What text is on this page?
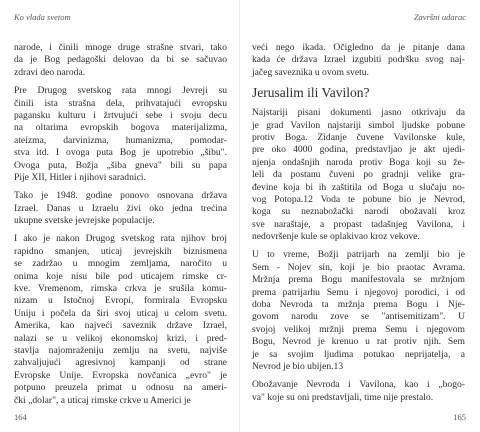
Ko vlada svetom
narode, i činili mnoge druge strašne stvari, tako
da je Bog pedagoški delovao da bi se sačuvao
zdravi deo naroda.
Pre Drugog svetskog rata mnogi Jevreji su
činili ista strašna dela, prihvatajući evropsku
pagansku kulturu i žrtvujući sebe i svoju decu
na oltarima evropskih bogova materijalizma,
ateizma, darvinizma, humanizma, pomodar-
stva itd. I ovoga puta Bog je upotrebio „šibu".
Ovoga puta, Božja „šiba gneva" bili su papa
Pije XII, Hitler i njihovi saradnici.
Tako je 1948. godine ponovo osnovana država
Izrael. Danas u Izraelu živi oko jedna trećina
ukupne svetske jevrejske populacije.
I ako je nakon Drugog svetskog rata njihov broj
rapidno smanjen, uticaj jevrejskih biznismena
se zadržao u mnogim zemljama, naročito u
onima koje nisu bile pod uticajem rimske cr-
kve. Vremenom, rimska crkva je srušila komu-
nizam u Istočnoj Evropi, formirala Evropsku
Uniju i počela da širi svoj uticaj u celom svetu.
Amerika, kao najveći saveznik države Izrael,
nalazi se u velikoj ekonomskoj krizi, i pred-
stavlja najomraženiju zemlju na svetu, najviše
zahvaljujući agresivnoj kampanji od strane
Evropske Unije. Evropska novčanica „evro" je
potpuno preuzela primat u odnosu na ameri-
čki „dolar", a uticaj rimske crkve u Americi je
164
Završni udarac
veći nego ikada. Očigledno da je pitanje dana
kada će država Izrael izgubiti podršku svog naj-
jačeg saveznika u ovom svetu.
Jerusalim ili Vavilon?
Najstariji pisani dokumenti jasno otkrivaju da
je grad Vavilon najstariji simbol ljudske pobune
protiv Boga. Zidanje čuvene Vavilonske kule,
pre oko 4000 godina, predstavljao je akt ujedi-
njenja ondašnjih naroda protiv Boga koji su že-
leli da postanu čuveni po gradnji velike gra-
đevine koja bi ih zaštitila od Boga u slučaju no-
vog Potopa.12 Voda te pobune bio je Nevrod,
koga su neznabožački narodi obožavali kroz
sve naraštaje, a propast tadašnjeg Vavilona, i
nedovršenje kule se oplakivao kroz vekove.
U to vreme, Božji patrijarh na zemlji bio je
Sem - Nojev sin, koji je bio praotac Avrama.
Mržnja prema Bogu manifestovala se mržnjom
prema patrijarhu Semu i njegovoj porodici, i od
doba Nevroda ta mržnja prema Bogu i Nje-
govom narodu zove se "antisemitizam". U
svojoj velikoj mržnji prema Semu i njegovom
Bogu, Nevrod je krenuo u rat protiv njih. Sem
je sa svojim ljudima potukao neprijatelja, a
Nevrod je bio ubijen.13
Obožavanje Nevroda i Vavilona, kao i „bogo-
va" koje su oni predstavljali, time nije prestalo.
165
